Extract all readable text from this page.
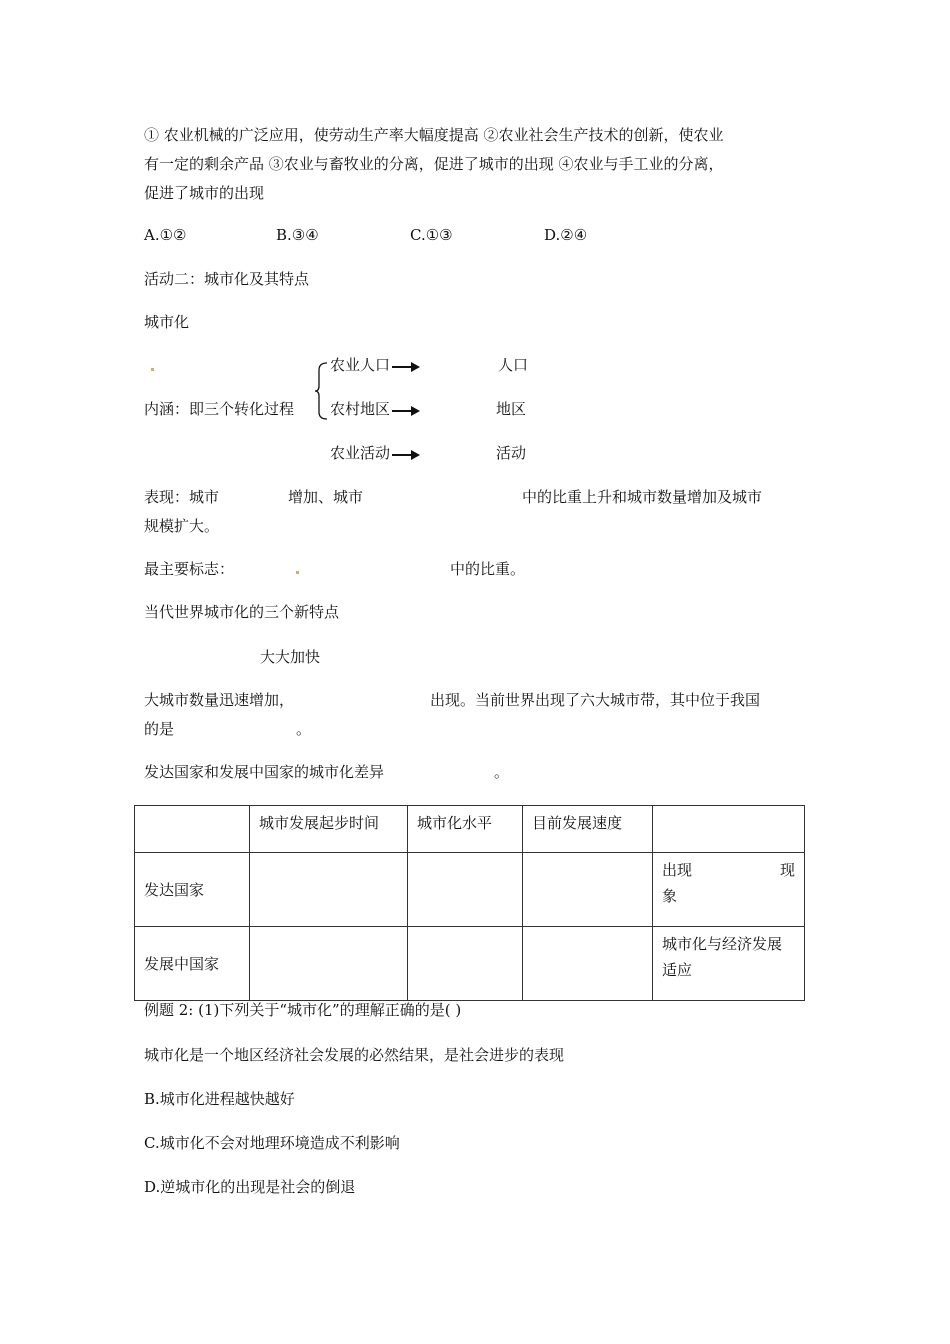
① 农业机械的广泛应用，使劳动生产率大幅度提高 ②农业社会生产技术的创新，使农业
有一定的剩余产品 ③农业与畜牧业的分离，促进了城市的出现 ④农业与手工业的分离，
促进了城市的出现
A.①②	B.③④	C.①③	D.②④
活动二：城市化及其特点
城市化
内涵：即三个转化过程
农业人口	人口
农村地区	地区
农业活动	活动
表现：城市	增加、城市	中的比重上升和城市数量增加及城市
规模扩大。
最主要标志：	中的比重。
当代世界城市化的三个新特点
大大加快
大城市数量迅速增加，	出现。当前世界出现了六大城市带，其中位于我国
的是	。
发达国家和发展中国家的城市化差异	。
	城市发展起步时间	城市化水平	目前发展速度	
发达国家				出现 现
象

发展中国家				城市化与经济发展适应
例题 2: (1)下列关于“城市化”的理解正确的是( )
城市化是一个地区经济社会发展的必然结果，是社会进步的表现
B.城市化进程越快越好
C.城市化不会对地理环境造成不利影响
D.逆城市化的出现是社会的倒退
